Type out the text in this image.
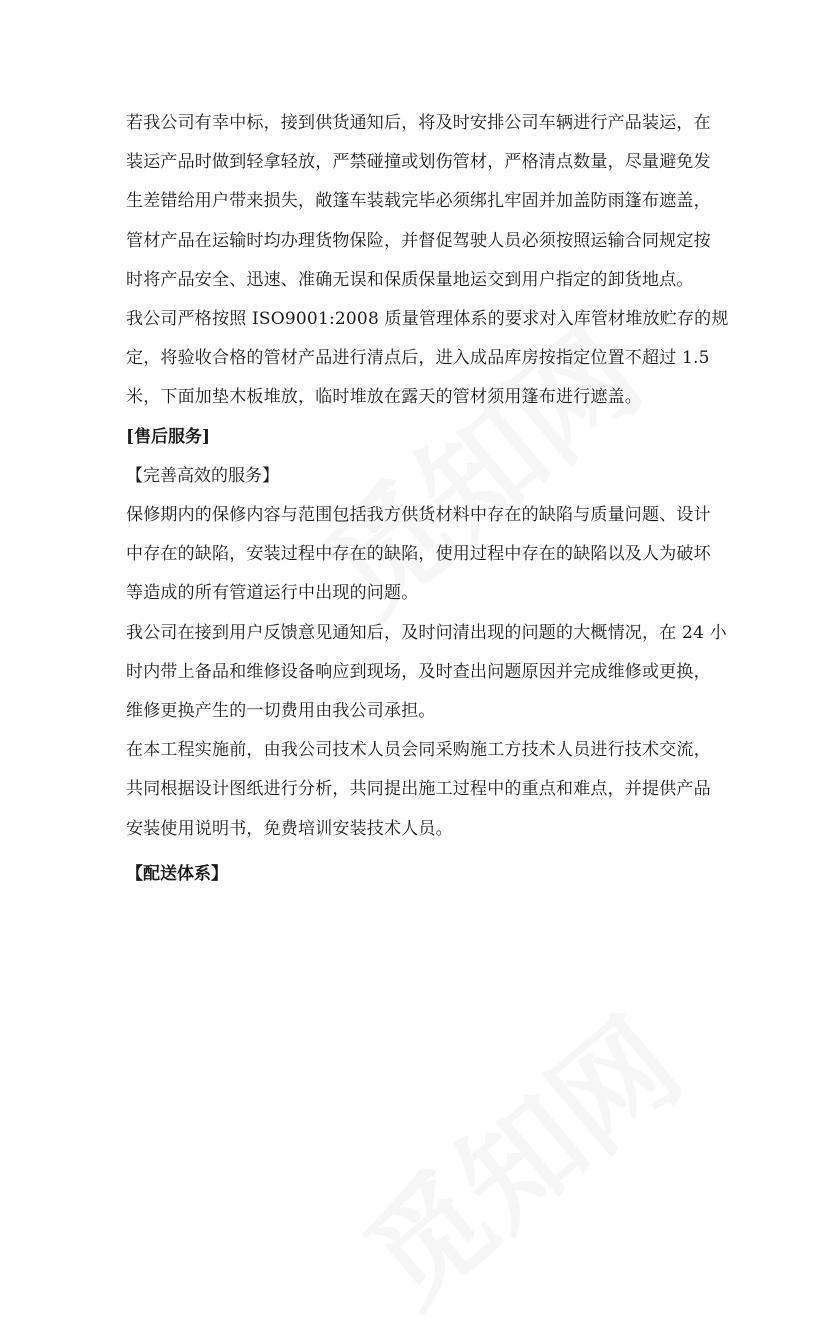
若我公司有幸中标，接到供货通知后，将及时安排公司车辆进行产品装运，在
装运产品时做到轻拿轻放，严禁碰撞或划伤管材，严格清点数量，尽量避免发
生差错给用户带来损失，敞篷车装载完毕必须绑扎牢固并加盖防雨篷布遮盖，
管材产品在运输时均办理货物保险，并督促驾驶人员必须按照运输合同规定按
时将产品安全、迅速、准确无误和保质保量地运交到用户指定的卸货地点。

我公司严格按照 ISO9001:2008 质量管理体系的要求对入库管材堆放贮存的规
定，将验收合格的管材产品进行清点后，进入成品库房按指定位置不超过 1.5
米，下面加垫木板堆放，临时堆放在露天的管材须用篷布进行遮盖。

[售后服务]

【完善高效的服务】

保修期内的保修内容与范围包括我方供货材料中存在的缺陷与质量问题、设计
中存在的缺陷，安装过程中存在的缺陷，使用过程中存在的缺陷以及人为破坏
等造成的所有管道运行中出现的问题。

我公司在接到用户反馈意见通知后，及时问清出现的问题的大概情况，在 24 小
时内带上备品和维修设备响应到现场，及时查出问题原因并完成维修或更换，
维修更换产生的一切费用由我公司承担。

在本工程实施前，由我公司技术人员会同采购施工方技术人员进行技术交流，
共同根据设计图纸进行分析，共同提出施工过程中的重点和难点，并提供产品
安装使用说明书，免费培训安装技术人员。

【配送体系】
